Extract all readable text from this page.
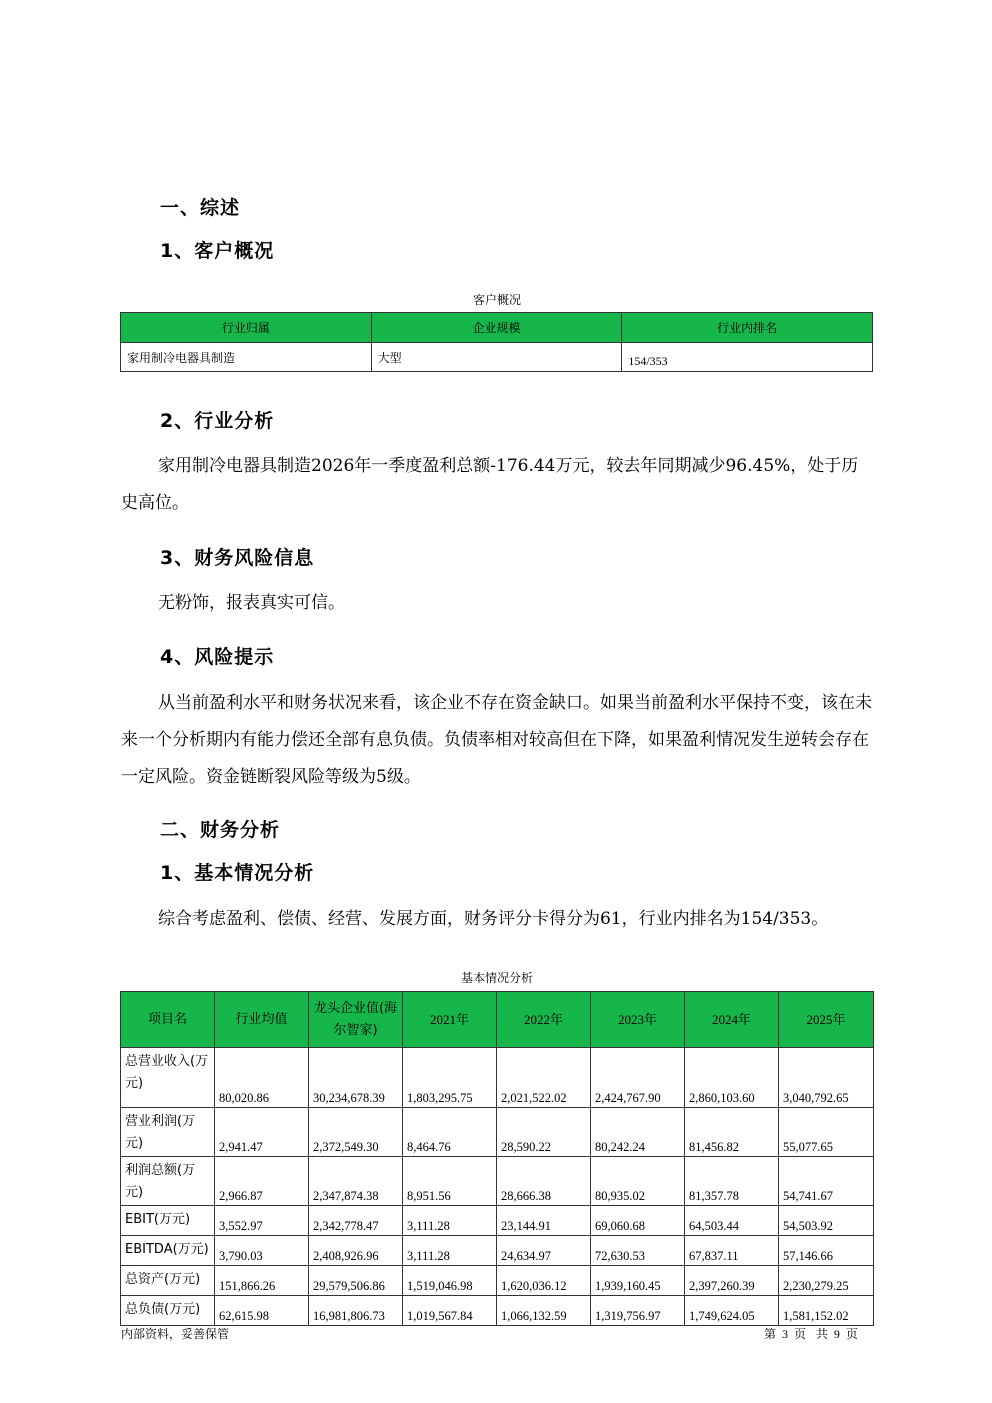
一、综述
1、客户概况
客户概况
行业归属	企业规模	行业内排名
家用制冷电器具制造	大型	154/353
2、行业分析

家用制冷电器具制造2026年一季度盈利总额-176.44万元，较去年同期减少96.45%，处于历史高位。

3、财务风险信息

无粉饰，报表真实可信。

4、风险提示

从当前盈利水平和财务状况来看，该企业不存在资金缺口。如果当前盈利水平保持不变，该在未来一个分析期内有能力偿还全部有息负债。负债率相对较高但在下降，如果盈利情况发生逆转会存在一定风险。资金链断裂风险等级为5级。

二、财务分析
1、基本情况分析

综合考虑盈利、偿债、经营、发展方面，财务评分卡得分为61，行业内排名为154/353。

基本情况分析
项目名	行业均值	龙头企业值(海尔智家)	2021年	2022年	2023年	2024年	2025年
总营业收入(万元)	80,020.86	30,234,678.39	1,803,295.75	2,021,522.02	2,424,767.90	2,860,103.60	3,040,792.65
营业利润(万元)	2,941.47	2,372,549.30	8,464.76	28,590.22	80,242.24	81,456.82	55,077.65
利润总额(万元)	2,966.87	2,347,874.38	8,951.56	28,666.38	80,935.02	81,357.78	54,741.67
EBIT(万元)	3,552.97	2,342,778.47	3,111.28	23,144.91	69,060.68	64,503.44	54,503.92
EBITDA(万元)	3,790.03	2,408,926.96	3,111.28	24,634.97	72,630.53	67,837.11	57,146.66
总资产(万元)	151,866.26	29,579,506.86	1,519,046.98	1,620,036.12	1,939,160.45	2,397,260.39	2,230,279.25
总负债(万元)	62,615.98	16,981,806.73	1,019,567.84	1,066,132.59	1,319,756.97	1,749,624.05	1,581,152.02
内部资料，妥善保管	第 3 页 共 9 页
